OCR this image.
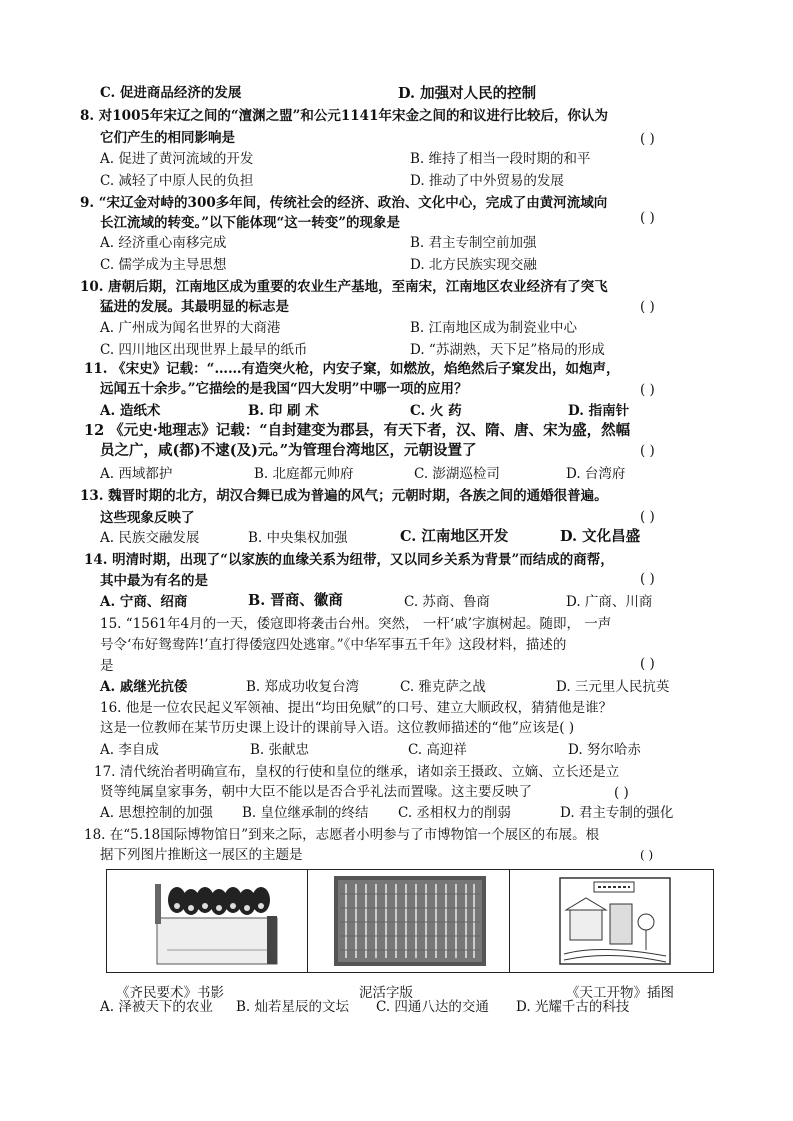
C. 促进商品经济的发展	D. 加强对人民的控制
8. 对1005年宋辽之间的“澶渊之盟”和公元1141年宋金之间的和议进行比较后，你认为
它们产生的相同影响是	( )
A. 促进了黄河流域的开发	B. 维持了相当一段时期的和平
C. 减轻了中原人民的负担	D. 推动了中外贸易的发展
9. “宋辽金对峙的300多年间，传统社会的经济、政治、文化中心，完成了由黄河流域向
长江流域的转变。”以下能体现“这一转变”的现象是	( )
A. 经济重心南移完成	B. 君主专制空前加强
C. 儒学成为主导思想	D. 北方民族实现交融
10. 唐朝后期，江南地区成为重要的农业生产基地，至南宋，江南地区农业经济有了突飞
猛进的发展。其最明显的标志是	( )
A. 广州成为闻名世界的大商港	B. 江南地区成为制瓷业中心
C. 四川地区出现世界上最早的纸币	D. “苏湖熟，天下足”格局的形成
11. 《宋史》记载：“……有造突火枪，内安子窠，如燃放，焰绝然后子窠发出，如炮声，
远闻五十余步。”它描绘的是我国“四大发明”中哪一项的应用？	( )
A. 造纸术	B. 印 刷 术	C. 火 药	D. 指南针
12 《元史·地理志》记载：“自封建变为郡县，有天下者，汉、隋、唐、宋为盛，然幅
员之广，咸(都)不逮(及)元。”为管理台湾地区，元朝设置了	( )
A. 西域都护	B. 北庭都元帅府	C. 澎湖巡检司	D. 台湾府
13. 魏晋时期的北方，胡汉合舞已成为普遍的风气；元朝时期，各族之间的通婚很普遍。
这些现象反映了	( )
A. 民族交融发展	B. 中央集权加强	C. 江南地区开发	D. 文化昌盛
14. 明清时期，出现了“以家族的血缘关系为纽带，又以同乡关系为背景”而结成的商帮，
其中最为有名的是	( )
A. 宁商、绍商	B. 晋商、徽商	C. 苏商、鲁商	D. 广商、川商
15. “1561年4月的一天，倭寇即将袭击台州。突然， 一杆‘戚’字旗树起。随即， 一声
号令‘布好鸳鸯阵!’直打得倭寇四处逃窜。”《中华军事五千年》这段材料，描述的
是	( )
A. 戚继光抗倭	B. 郑成功收复台湾	C. 雅克萨之战	D. 三元里人民抗英
16. 他是一位农民起义军领袖、提出“均田免赋”的口号、建立大顺政权，猜猜他是谁？
这是一位教师在某节历史课上设计的课前导入语。这位教师描述的“他”应该是( )
A. 李自成	B. 张献忠	C. 高迎祥	D. 努尔哈赤
17. 清代统治者明确宣布，皇权的行使和皇位的继承，诸如亲王摄政、立嫡、立长还是立
贤等纯属皇家事务，朝中大臣不能以是否合乎礼法而置喙。这主要反映了	( )
A. 思想控制的加强 B. 皇位继承制的终结 C. 丞相权力的削弱	D. 君主专制的强化
18. 在“5.18国际博物馆日”到来之际，志愿者小明参与了市博物馆一个展区的布展。根
据下列图片推断这一展区的主题是	( )
《齐民要术》书影	泥活字版	《天工开物》插图
A. 泽被天下的农业 B. 灿若星辰的文坛 C. 四通八达的交通 D. 光耀千古的科技
